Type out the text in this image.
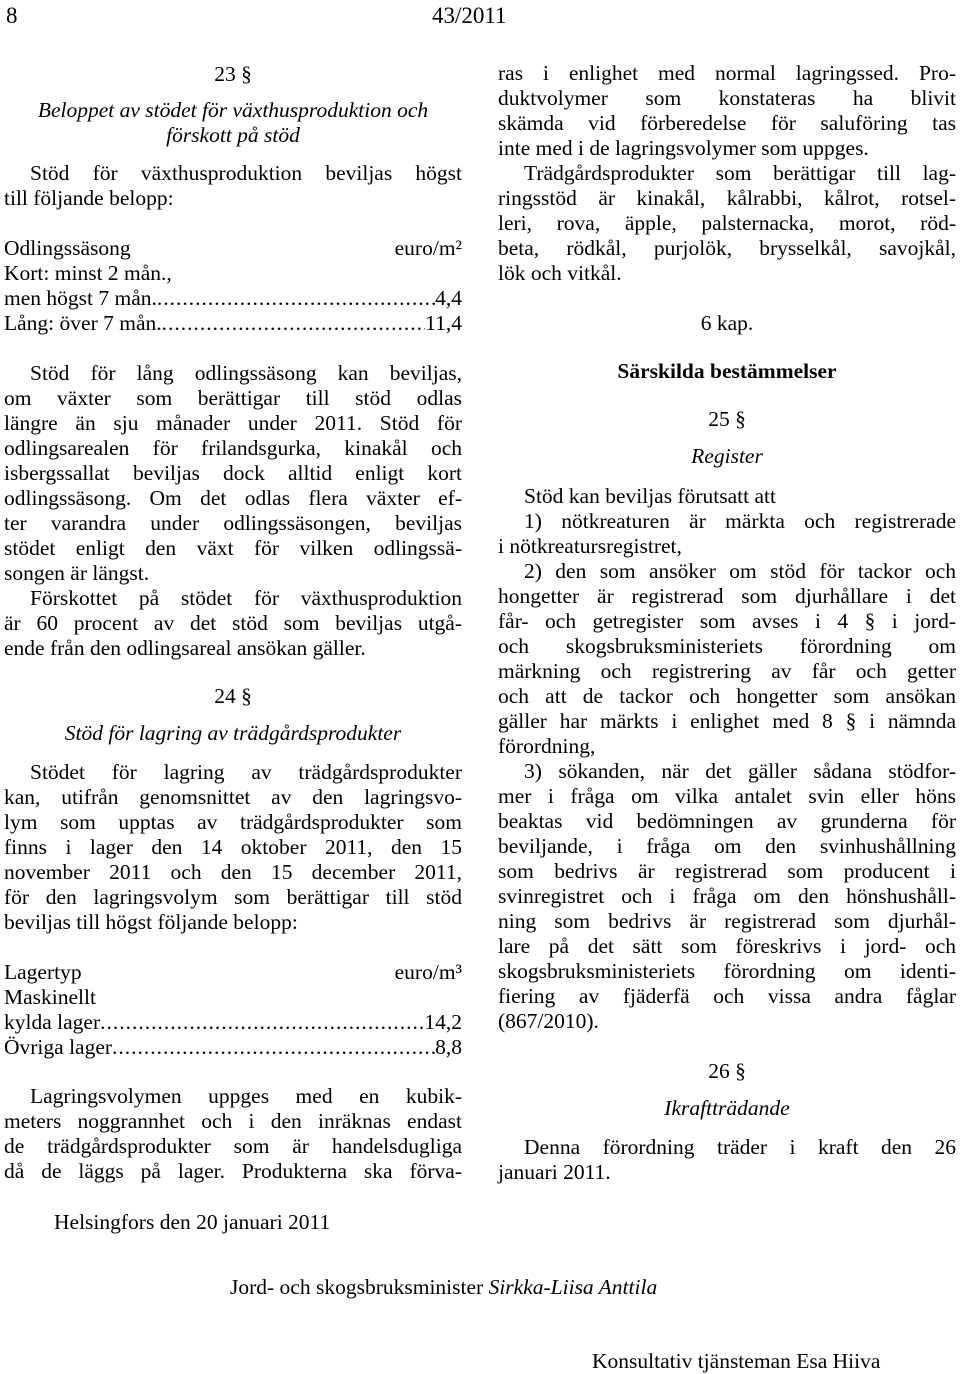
8	43/2011
23 §
Beloppet av stödet för växthusproduktion och
förskott på stöd
Stöd för växthusproduktion beviljas högst
till följande belopp:
Odlingssäsong	euro/m²
Kort: minst 2 mån.,
men högst 7 mån. .....	4,4
Lång: över 7 mån. .....	11,4
Stöd för lång odlingssäsong kan beviljas,
om växter som berättigar till stöd odlas
längre än sju månader under 2011. Stöd för
odlingsarealen för frilandsgurka, kinakål och
isbergssallat beviljas dock alltid enligt kort
odlingssäsong. Om det odlas flera växter ef-
ter varandra under odlingssäsongen, beviljas
stödet enligt den växt för vilken odlingssä-
songen är längst.
Förskottet på stödet för växthusproduktion
är 60 procent av det stöd som beviljas utgå-
ende från den odlingsareal ansökan gäller.
24 §
Stöd för lagring av trädgårdsprodukter
Stödet för lagring av trädgårdsprodukter
kan, utifrån genomsnittet av den lagringsvo-
lym som upptas av trädgårdsprodukter som
finns i lager den 14 oktober 2011, den 15
november 2011 och den 15 december 2011,
för den lagringsvolym som berättigar till stöd
beviljas till högst följande belopp:
Lagertyp	euro/m³
Maskinellt
kylda lager .....	14,2
Övriga lager .....	8,8
Lagringsvolymen uppges med en kubik-
meters noggrannhet och i den inräknas endast
de trädgårdsprodukter som är handelsdugliga
då de läggs på lager. Produkterna ska förva-
ras i enlighet med normal lagringssed. Pro-
duktvolymer som konstateras ha blivit
skämda vid förberedelse för saluföring tas
inte med i de lagringsvolymer som uppges.
Trädgårdsprodukter som berättigar till lag-
ringsstöd är kinakål, kålrabbi, kålrot, rotsel-
leri, rova, äpple, palsternacka, morot, röd-
beta, rödkål, purjolök, brysselkål, savojkål,
lök och vitkål.
6 kap.
Särskilda bestämmelser
25 §
Register
Stöd kan beviljas förutsatt att
1) nötkreaturen är märkta och registrerade
i nötkreatursregistret,
2) den som ansöker om stöd för tackor och
hongetter är registrerad som djurhållare i det
får- och getregister som avses i 4 § i jord-
och skogsbruksministeriets förordning om
märkning och registrering av får och getter
och att de tackor och hongetter som ansökan
gäller har märkts i enlighet med 8 § i nämnda
förordning,
3) sökanden, när det gäller sådana stödfor-
mer i fråga om vilka antalet svin eller höns
beaktas vid bedömningen av grunderna för
beviljande, i fråga om den svinhushållning
som bedrivs är registrerad som producent i
svinregistret och i fråga om den hönshushåll-
ning som bedrivs är registrerad som djurhål-
lare på det sätt som föreskrivs i jord- och
skogsbruksministeriets förordning om identi-
fiering av fjäderfä och vissa andra fåglar
(867/2010).
26 §
Ikraftträdande
Denna förordning träder i kraft den 26
januari 2011.
Helsingfors den 20 januari 2011
Jord- och skogsbruksminister Sirkka-Liisa Anttila
Konsultativ tjänsteman Esa Hiiva
